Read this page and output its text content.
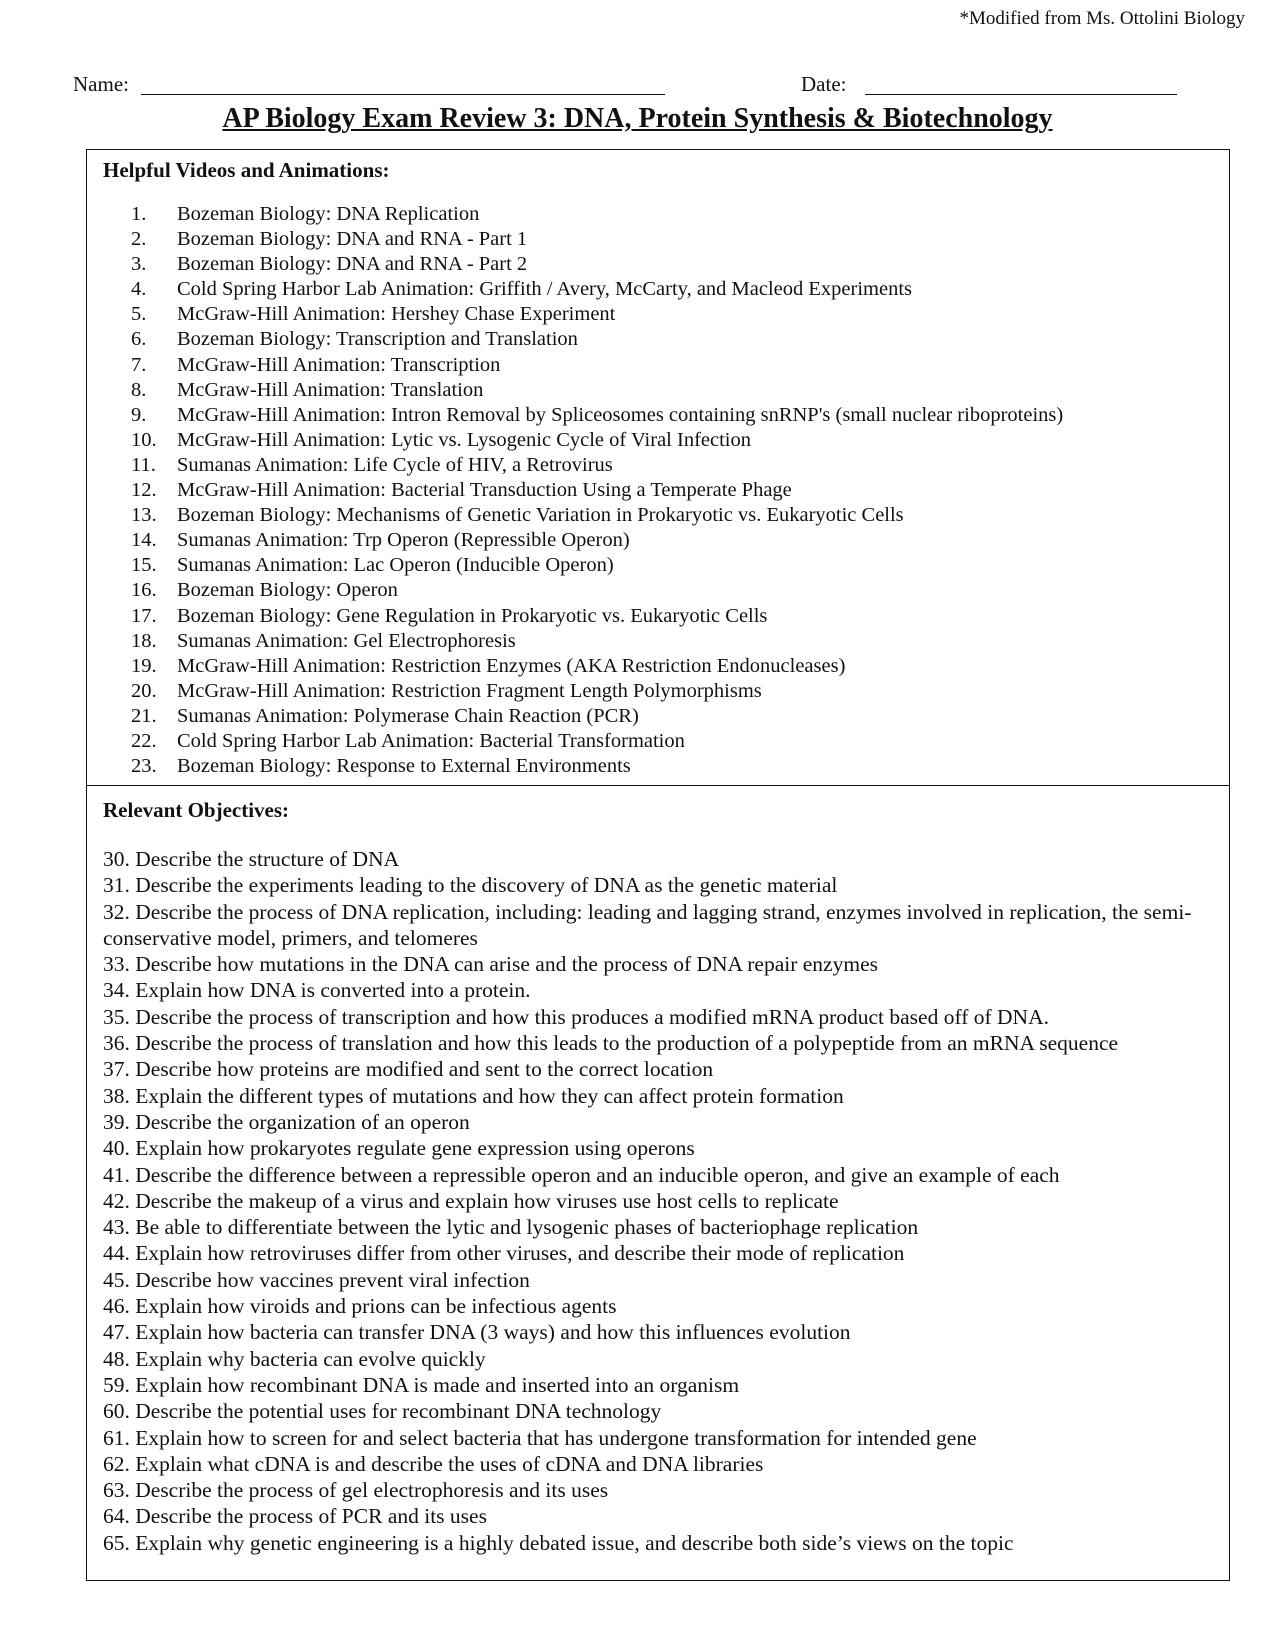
*Modified from Ms. Ottolini Biology
Name:	Date:
AP Biology Exam Review 3: DNA, Protein Synthesis & Biotechnology
Helpful Videos and Animations:
1.	Bozeman Biology: DNA Replication
2.	Bozeman Biology: DNA and RNA - Part 1
3.	Bozeman Biology: DNA and RNA - Part 2
4.	Cold Spring Harbor Lab Animation: Griffith / Avery, McCarty, and Macleod Experiments
5.	McGraw-Hill Animation: Hershey Chase Experiment
6.	Bozeman Biology: Transcription and Translation
7.	McGraw-Hill Animation: Transcription
8.	McGraw-Hill Animation: Translation
9.	McGraw-Hill Animation: Intron Removal by Spliceosomes containing snRNP's (small nuclear riboproteins)
10. McGraw-Hill Animation: Lytic vs. Lysogenic Cycle of Viral Infection
11.	Sumanas Animation: Life Cycle of HIV, a Retrovirus
12. McGraw-Hill Animation: Bacterial Transduction Using a Temperate Phage
13. Bozeman Biology: Mechanisms of Genetic Variation in Prokaryotic vs. Eukaryotic Cells
14. Sumanas Animation: Trp Operon (Repressible Operon)
15. Sumanas Animation: Lac Operon (Inducible Operon)
16. Bozeman Biology: Operon
17. Bozeman Biology: Gene Regulation in Prokaryotic vs. Eukaryotic Cells
18. Sumanas Animation: Gel Electrophoresis
19. McGraw-Hill Animation: Restriction Enzymes (AKA Restriction Endonucleases)
20. McGraw-Hill Animation: Restriction Fragment Length Polymorphisms
21. Sumanas Animation: Polymerase Chain Reaction (PCR)
22. Cold Spring Harbor Lab Animation: Bacterial Transformation
23. Bozeman Biology: Response to External Environments
Relevant Objectives:
30. Describe the structure of DNA
31. Describe the experiments leading to the discovery of DNA as the genetic material
32. Describe the process of DNA replication, including: leading and lagging strand, enzymes involved in replication, the semi-conservative model, primers, and telomeres
33. Describe how mutations in the DNA can arise and the process of DNA repair enzymes
34. Explain how DNA is converted into a protein.
35. Describe the process of transcription and how this produces a modified mRNA product based off of DNA.
36. Describe the process of translation and how this leads to the production of a polypeptide from an mRNA sequence
37. Describe how proteins are modified and sent to the correct location
38. Explain the different types of mutations and how they can affect protein formation
39. Describe the organization of an operon
40. Explain how prokaryotes regulate gene expression using operons
41. Describe the difference between a repressible operon and an inducible operon, and give an example of each
42. Describe the makeup of a virus and explain how viruses use host cells to replicate
43. Be able to differentiate between the lytic and lysogenic phases of bacteriophage replication
44. Explain how retroviruses differ from other viruses, and describe their mode of replication
45. Describe how vaccines prevent viral infection
46. Explain how viroids and prions can be infectious agents
47. Explain how bacteria can transfer DNA (3 ways) and how this influences evolution
48. Explain why bacteria can evolve quickly
59. Explain how recombinant DNA is made and inserted into an organism
60. Describe the potential uses for recombinant DNA technology
61. Explain how to screen for and select bacteria that has undergone transformation for intended gene
62. Explain what cDNA is and describe the uses of cDNA and DNA libraries
63. Describe the process of gel electrophoresis and its uses
64. Describe the process of PCR and its uses
65. Explain why genetic engineering is a highly debated issue, and describe both side’s views on the topic
